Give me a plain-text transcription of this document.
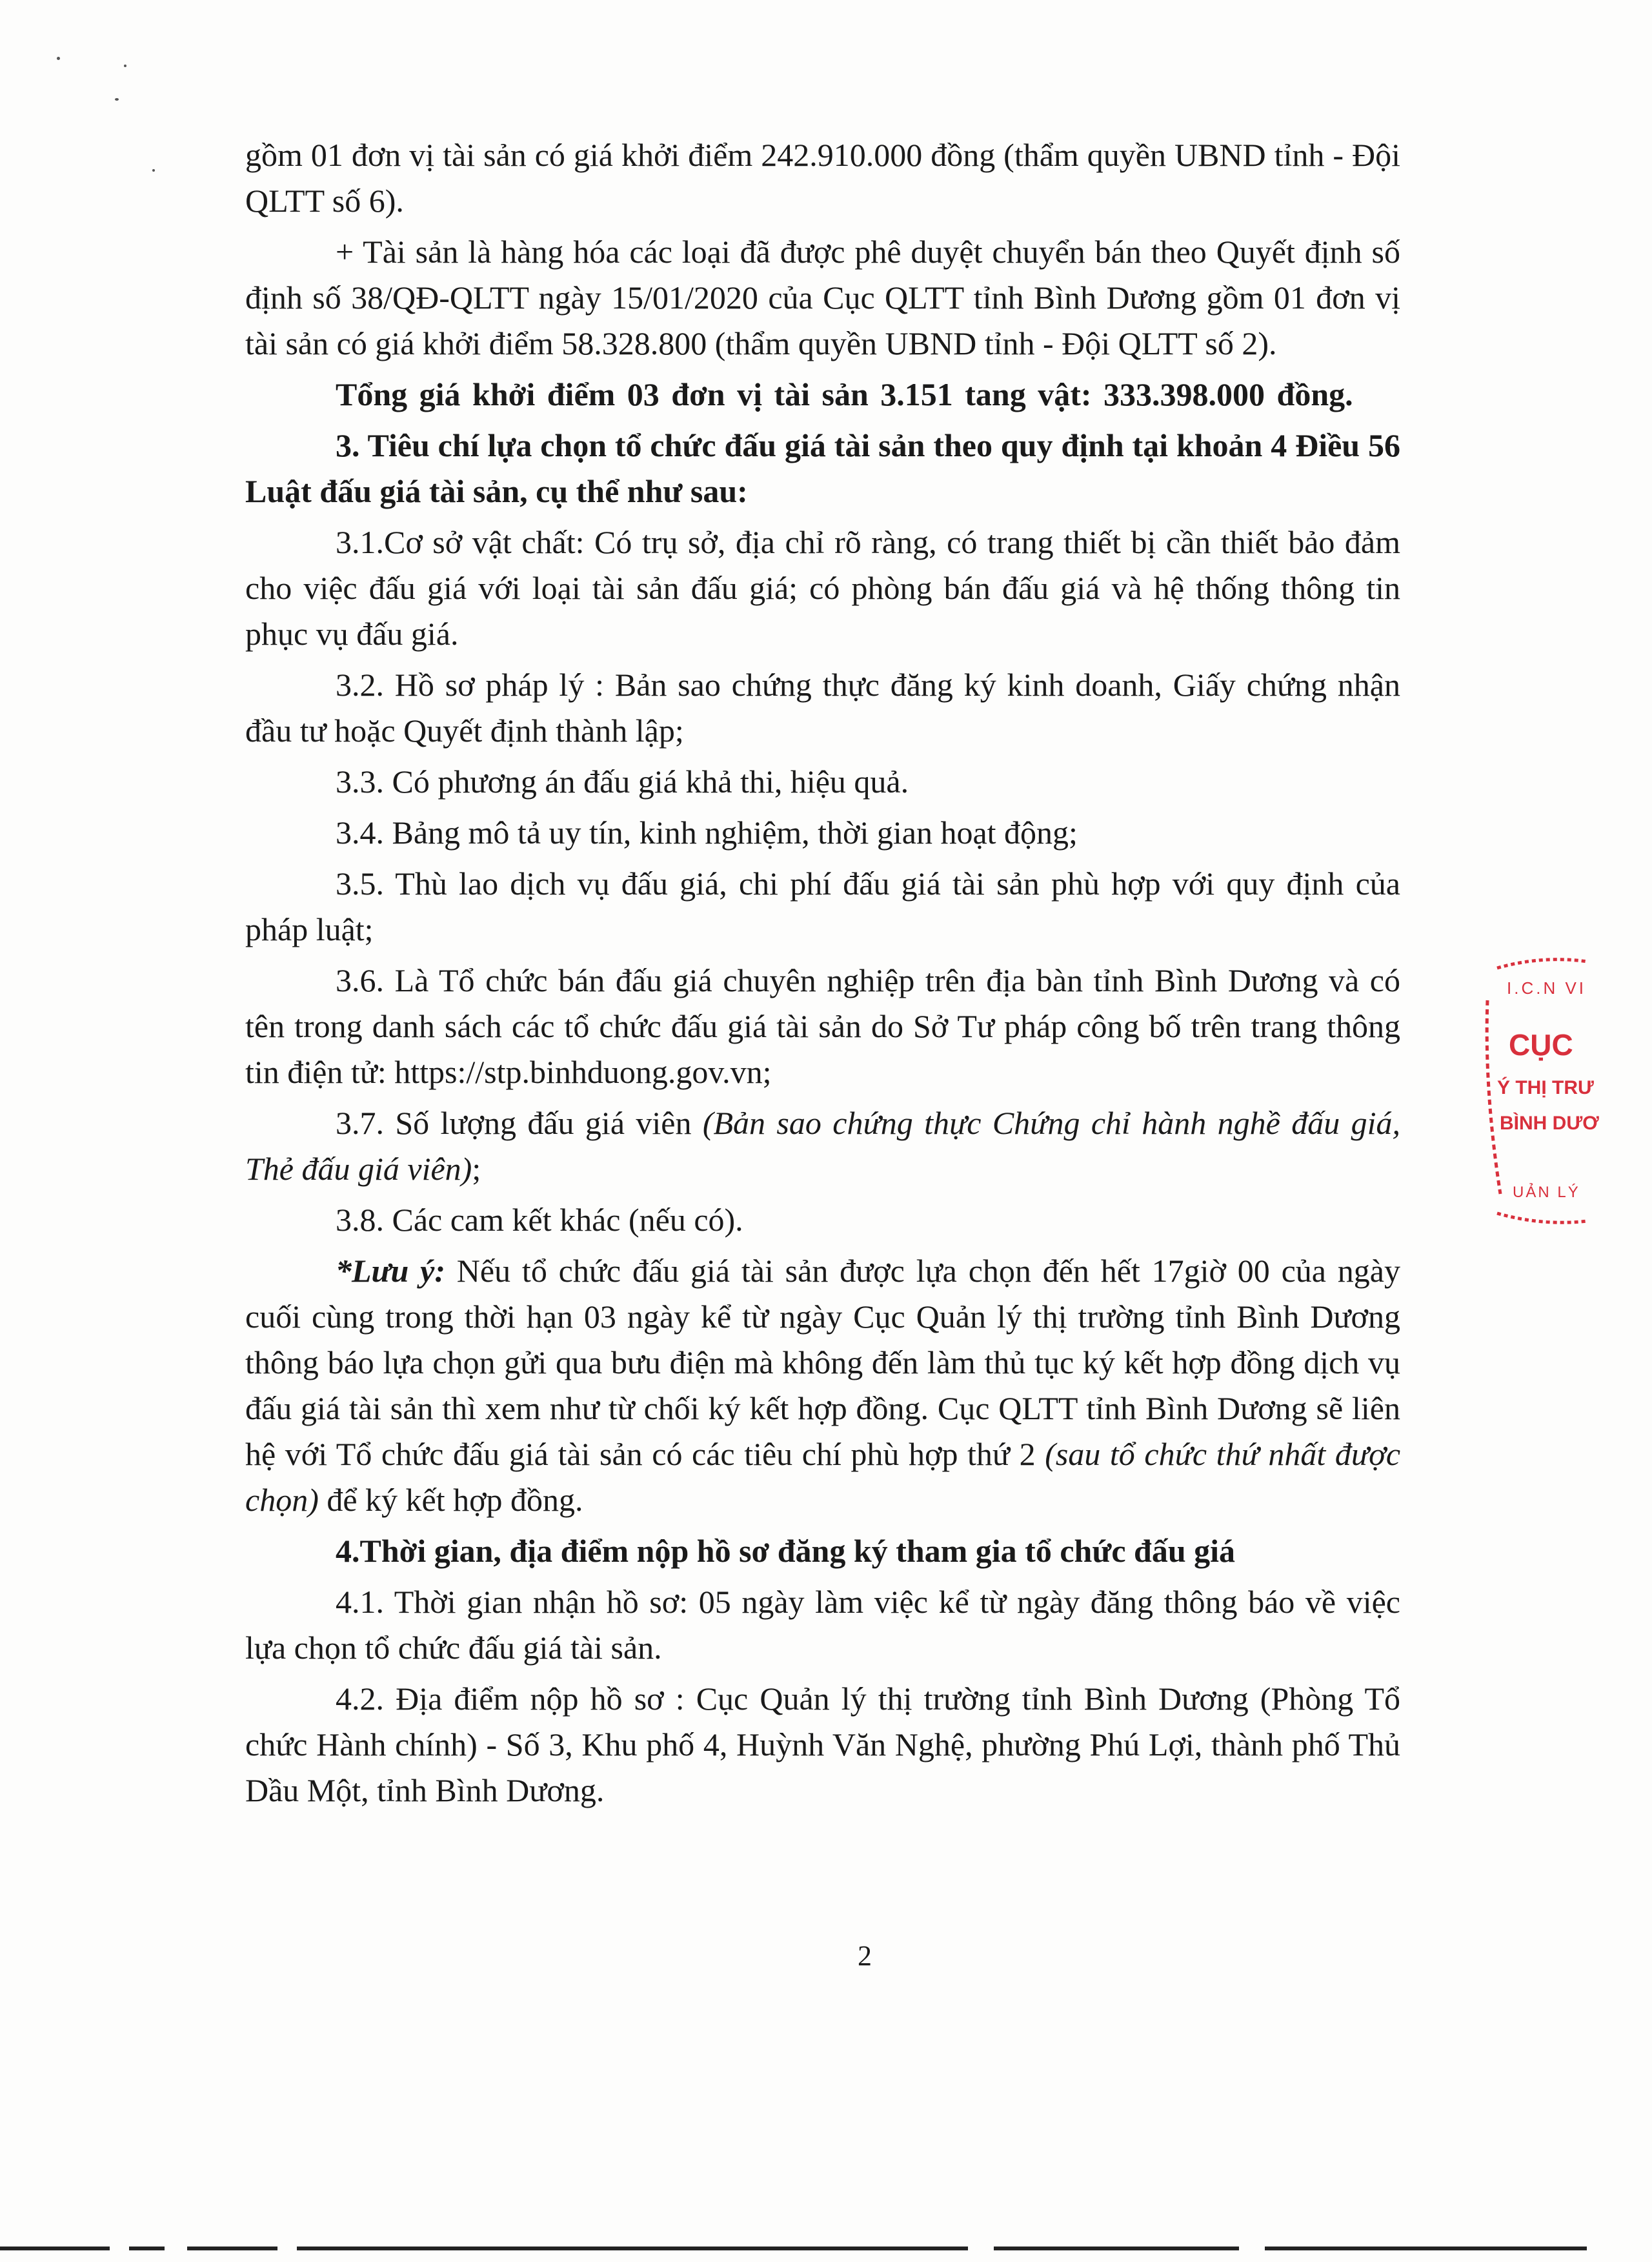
gồm 01 đơn vị tài sản có giá khởi điểm 242.910.000 đồng (thẩm quyền UBND tỉnh - Đội QLTT số 6).

+ Tài sản là hàng hóa các loại đã được phê duyệt chuyển bán theo Quyết định số định số 38/QĐ-QLTT ngày 15/01/2020 của Cục QLTT tỉnh Bình Dương gồm 01 đơn vị tài sản có giá khởi điểm 58.328.800 (thẩm quyền UBND tỉnh - Đội QLTT số 2).

Tổng giá khởi điểm 03 đơn vị tài sản 3.151 tang vật: 333.398.000 đồng.

3. Tiêu chí lựa chọn tổ chức đấu giá tài sản theo quy định tại khoản 4 Điều 56 Luật đấu giá tài sản, cụ thể như sau:

3.1.Cơ sở vật chất: Có trụ sở, địa chỉ rõ ràng, có trang thiết bị cần thiết bảo đảm cho việc đấu giá với loại tài sản đấu giá; có phòng bán đấu giá và hệ thống thông tin phục vụ đấu giá.

3.2. Hồ sơ pháp lý : Bản sao chứng thực đăng ký kinh doanh, Giấy chứng nhận đầu tư hoặc Quyết định thành lập;

3.3. Có phương án đấu giá khả thi, hiệu quả.

3.4. Bảng mô tả uy tín, kinh nghiệm, thời gian hoạt động;

3.5. Thù lao dịch vụ đấu giá, chi phí đấu giá tài sản phù hợp với quy định của pháp luật;

3.6. Là Tổ chức bán đấu giá chuyên nghiệp trên địa bàn tỉnh Bình Dương và có tên trong danh sách các tổ chức đấu giá tài sản do Sở Tư pháp công bố trên trang thông tin điện tử: https://stp.binhduong.gov.vn;

3.7. Số lượng đấu giá viên (Bản sao chứng thực Chứng chỉ hành nghề đấu giá, Thẻ đấu giá viên);

3.8. Các cam kết khác (nếu có).

*Lưu ý: Nếu tổ chức đấu giá tài sản được lựa chọn đến hết 17giờ 00 của ngày cuối cùng trong thời hạn 03 ngày kể từ ngày Cục Quản lý thị trường tỉnh Bình Dương thông báo lựa chọn gửi qua bưu điện mà không đến làm thủ tục ký kết hợp đồng dịch vụ đấu giá tài sản thì xem như từ chối ký kết hợp đồng. Cục QLTT tỉnh Bình Dương sẽ liên hệ với Tổ chức đấu giá tài sản có các tiêu chí phù hợp thứ 2 (sau tổ chức thứ nhất được chọn) để ký kết hợp đồng.

4.Thời gian, địa điểm nộp hồ sơ đăng ký tham gia tổ chức đấu giá

4.1. Thời gian nhận hồ sơ: 05 ngày làm việc kể từ ngày đăng thông báo về việc lựa chọn tổ chức đấu giá tài sản.

4.2. Địa điểm nộp hồ sơ : Cục Quản lý thị trường tỉnh Bình Dương (Phòng Tổ chức Hành chính) - Số 3, Khu phố 4, Huỳnh Văn Nghệ, phường Phú Lợi, thành phố Thủ Dầu Một, tỉnh Bình Dương.

2
I.C.N VI
CỤC
Ý THỊ TRƯ
BÌNH DƯƠ
UẢN LÝ
